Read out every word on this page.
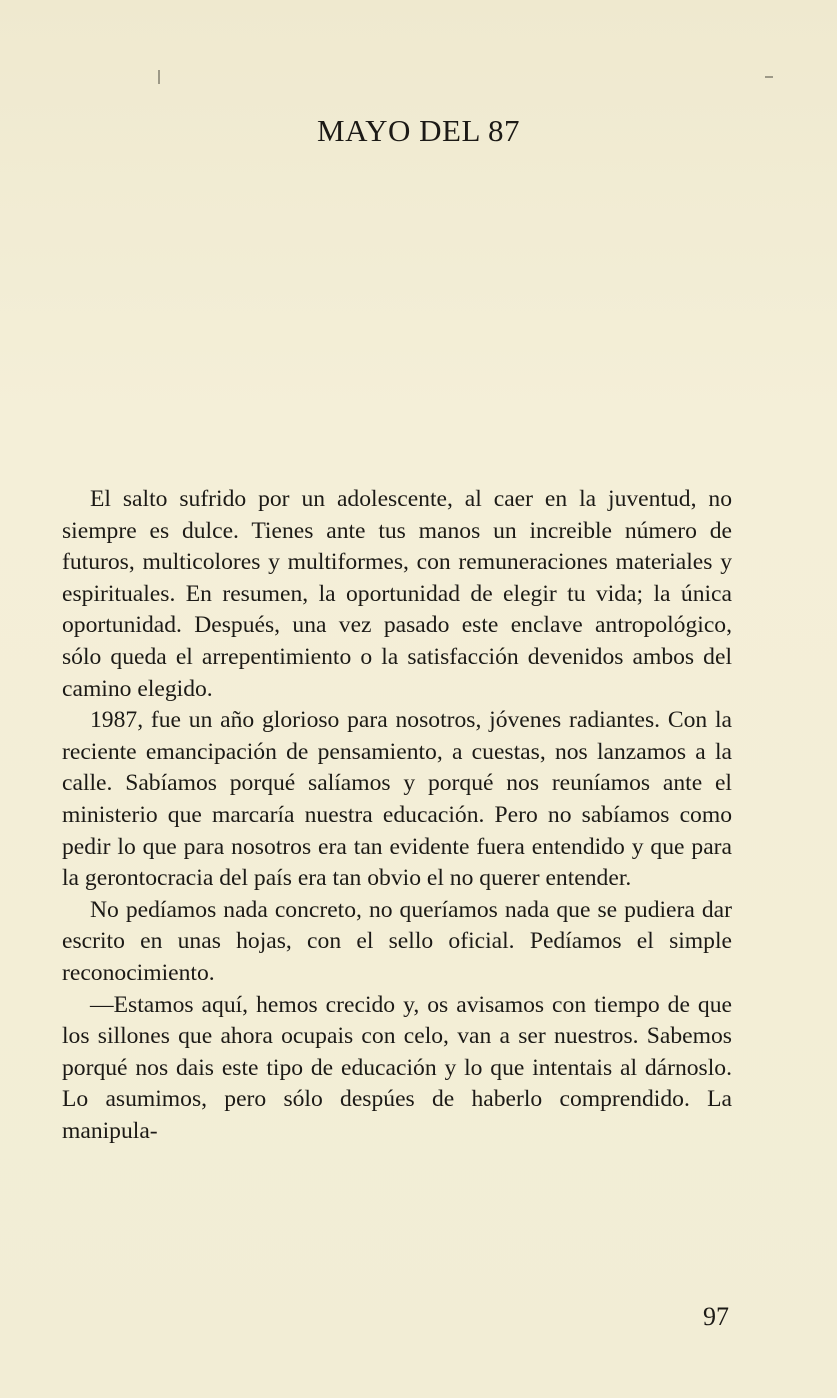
MAYO DEL 87

El salto sufrido por un adolescente, al caer en la juventud, no siempre es dulce. Tienes ante tus manos un increible número de futuros, multicolores y multiformes, con remuneraciones materiales y espirituales. En resumen, la oportunidad de elegir tu vida; la única oportunidad. Después, una vez pasado este enclave antropológico, sólo queda el arrepentimiento o la satisfacción devenidos ambos del camino elegido.

1987, fue un año glorioso para nosotros, jóvenes radiantes. Con la reciente emancipación de pensamiento, a cuestas, nos lanzamos a la calle. Sabíamos porqué salíamos y porqué nos reuníamos ante el ministerio que marcaría nuestra educación. Pero no sabíamos como pedir lo que para nosotros era tan evidente fuera entendido y que para la gerontocracia del país era tan obvio el no querer entender.

No pedíamos nada concreto, no queríamos nada que se pudiera dar escrito en unas hojas, con el sello oficial. Pedíamos el simple reconocimiento.

—Estamos aquí, hemos crecido y, os avisamos con tiempo de que los sillones que ahora ocupais con celo, van a ser nuestros. Sabemos porqué nos dais este tipo de educación y lo que intentais al dárnoslo. Lo asumimos, pero sólo despúes de haberlo comprendido. La manipula-

97
